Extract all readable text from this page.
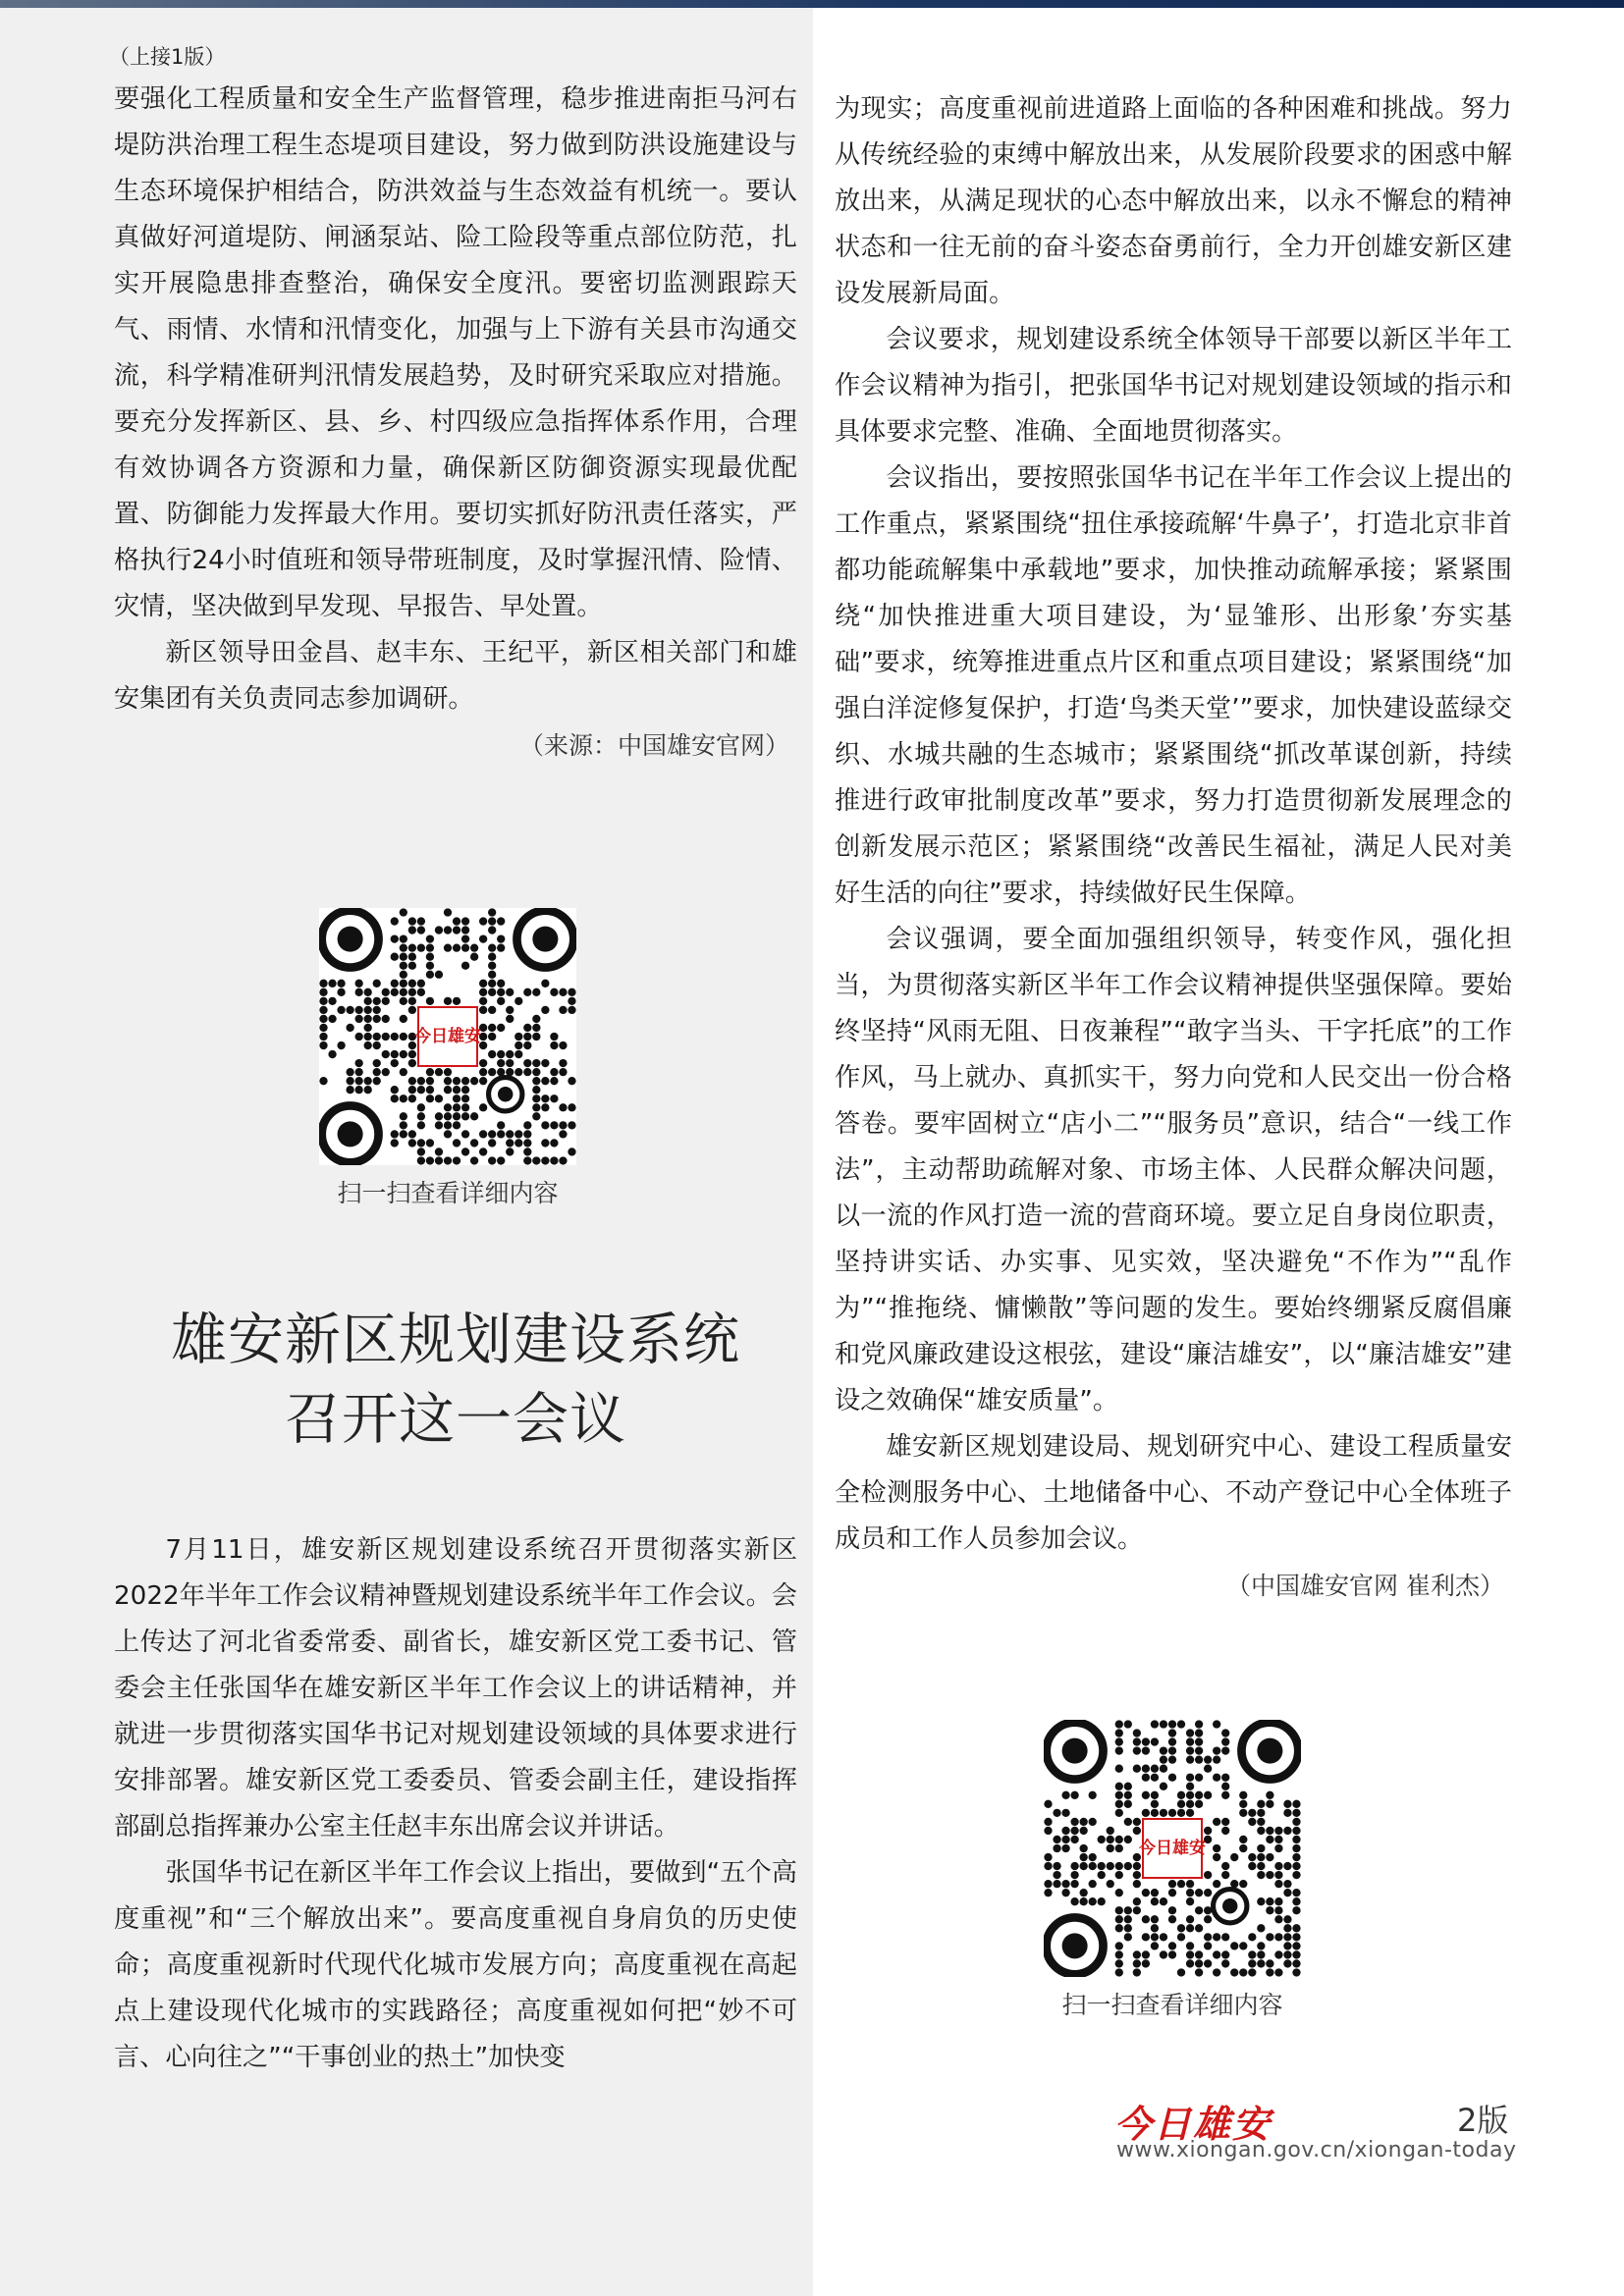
（上接1版）

要强化工程质量和安全生产监督管理，稳步推进南拒马河右堤防洪治理工程生态堤项目建设，努力做到防洪设施建设与生态环境保护相结合，防洪效益与生态效益有机统一。要认真做好河道堤防、闸涵泵站、险工险段等重点部位防范，扎实开展隐患排查整治，确保安全度汛。要密切监测跟踪天气、雨情、水情和汛情变化，加强与上下游有关县市沟通交流，科学精准研判汛情发展趋势，及时研究采取应对措施。要充分发挥新区、县、乡、村四级应急指挥体系作用，合理有效协调各方资源和力量，确保新区防御资源实现最优配置、防御能力发挥最大作用。要切实抓好防汛责任落实，严格执行24小时值班和领导带班制度，及时掌握汛情、险情、灾情，坚决做到早发现、早报告、早处置。

新区领导田金昌、赵丰东、王纪平，新区相关部门和雄安集团有关负责同志参加调研。

（来源：中国雄安官网）

今日雄安
扫一扫查看详细内容
雄安新区规划建设系统
召开这一会议

7月11日，雄安新区规划建设系统召开贯彻落实新区2022年半年工作会议精神暨规划建设系统半年工作会议。会上传达了河北省委常委、副省长，雄安新区党工委书记、管委会主任张国华在雄安新区半年工作会议上的讲话精神，并就进一步贯彻落实国华书记对规划建设领域的具体要求进行安排部署。雄安新区党工委委员、管委会副主任，建设指挥部副总指挥兼办公室主任赵丰东出席会议并讲话。

张国华书记在新区半年工作会议上指出，要做到“五个高度重视”和“三个解放出来”。要高度重视自身肩负的历史使命；高度重视新时代现代化城市发展方向；高度重视在高起点上建设现代化城市的实践路径；高度重视如何把“妙不可言、心向往之”“干事创业的热土”加快变

为现实；高度重视前进道路上面临的各种困难和挑战。努力从传统经验的束缚中解放出来，从发展阶段要求的困惑中解放出来，从满足现状的心态中解放出来，以永不懈怠的精神状态和一往无前的奋斗姿态奋勇前行，全力开创雄安新区建设发展新局面。

会议要求，规划建设系统全体领导干部要以新区半年工作会议精神为指引，把张国华书记对规划建设领域的指示和具体要求完整、准确、全面地贯彻落实。

会议指出，要按照张国华书记在半年工作会议上提出的工作重点，紧紧围绕“扭住承接疏解‘牛鼻子’，打造北京非首都功能疏解集中承载地”要求，加快推动疏解承接；紧紧围绕“加快推进重大项目建设，为‘显雏形、出形象’夯实基础”要求，统筹推进重点片区和重点项目建设；紧紧围绕“加强白洋淀修复保护，打造‘鸟类天堂’”要求，加快建设蓝绿交织、水城共融的生态城市；紧紧围绕“抓改革谋创新，持续推进行政审批制度改革”要求，努力打造贯彻新发展理念的创新发展示范区；紧紧围绕“改善民生福祉，满足人民对美好生活的向往”要求，持续做好民生保障。

会议强调，要全面加强组织领导，转变作风，强化担当，为贯彻落实新区半年工作会议精神提供坚强保障。要始终坚持“风雨无阻、日夜兼程”“敢字当头、干字托底”的工作作风，马上就办、真抓实干，努力向党和人民交出一份合格答卷。要牢固树立“店小二”“服务员”意识，结合“一线工作法”，主动帮助疏解对象、市场主体、人民群众解决问题，以一流的作风打造一流的营商环境。要立足自身岗位职责，坚持讲实话、办实事、见实效，坚决避免“不作为”“乱作为”“推拖绕、慵懒散”等问题的发生。要始终绷紧反腐倡廉和党风廉政建设这根弦，建设“廉洁雄安”，以“廉洁雄安”建设之效确保“雄安质量”。

雄安新区规划建设局、规划研究中心、建设工程质量安全检测服务中心、土地储备中心、不动产登记中心全体班子成员和工作人员参加会议。

（中国雄安官网 崔利杰）

今日雄安
扫一扫查看详细内容
今日雄安	2版
www.xiongan.gov.cn/xiongan-today
